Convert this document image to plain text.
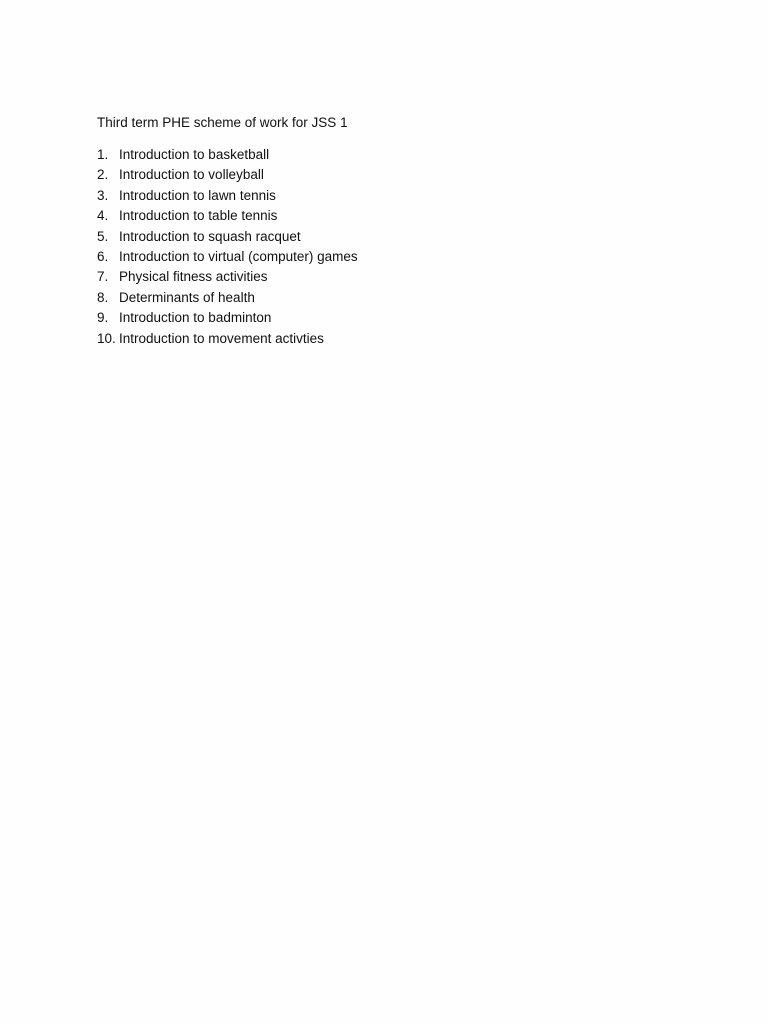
Third term PHE scheme of work for JSS 1
1. Introduction to basketball
2. Introduction to volleyball
3. Introduction to lawn tennis
4. Introduction to table tennis
5. Introduction to squash racquet
6. Introduction to virtual (computer) games
7. Physical fitness activities
8. Determinants of health
9. Introduction to badminton
10. Introduction to movement activties
